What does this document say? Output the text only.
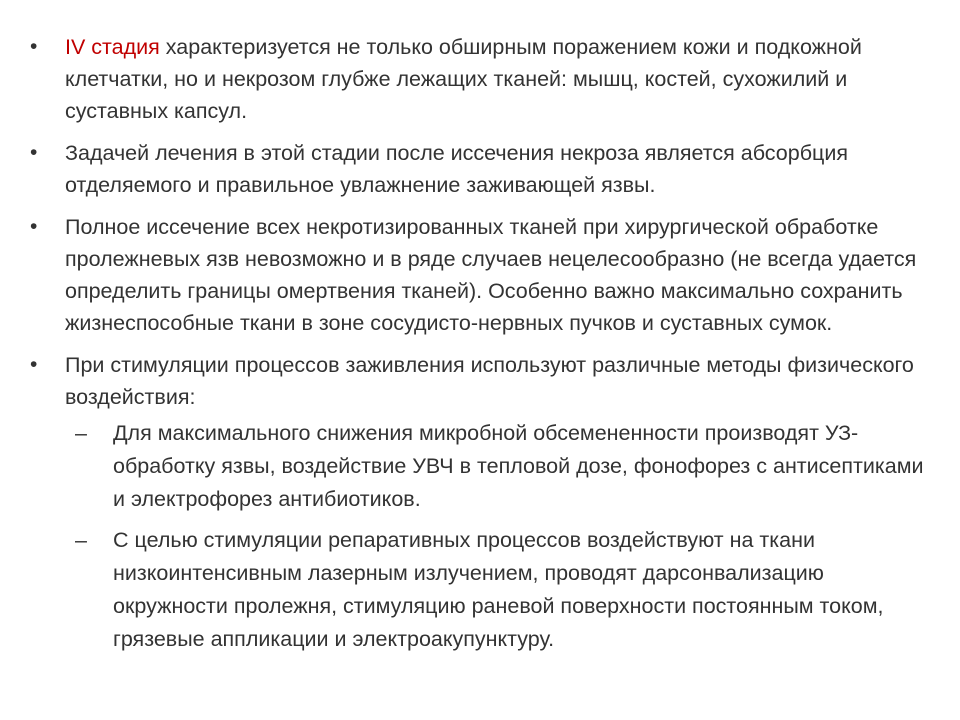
•	IV стадия характеризуется не только обширным поражением кожи и подкожной клетчатки, но и некрозом глубже лежащих тканей: мышц, костей, сухожилий и суставных капсул.
•	Задачей лечения в этой стадии после иссечения некроза является абсорбция отделяемого и правильное увлажнение заживающей язвы.
•	Полное иссечение всех некротизированных тканей при хирургической обработке пролежневых язв невозможно и в ряде случаев нецелесообразно (не всегда удается определить границы омертвения тканей). Особенно важно максимально сохранить жизнеспособные ткани в зоне сосудисто-нервных пучков и суставных сумок.
•	При стимуляции процессов заживления используют различные методы физического воздействия:
–	Для максимального снижения микробной обсемененности производят УЗ-обработку язвы, воздействие УВЧ в тепловой дозе, фонофорез с антисептиками и электрофорез антибиотиков.
–	С целью стимуляции репаративных процессов воздействуют на ткани низкоинтенсивным лазерным излучением, проводят дарсонвализацию окружности пролежня, стимуляцию раневой поверхности постоянным током, грязевые аппликации и электроакупунктуру.
